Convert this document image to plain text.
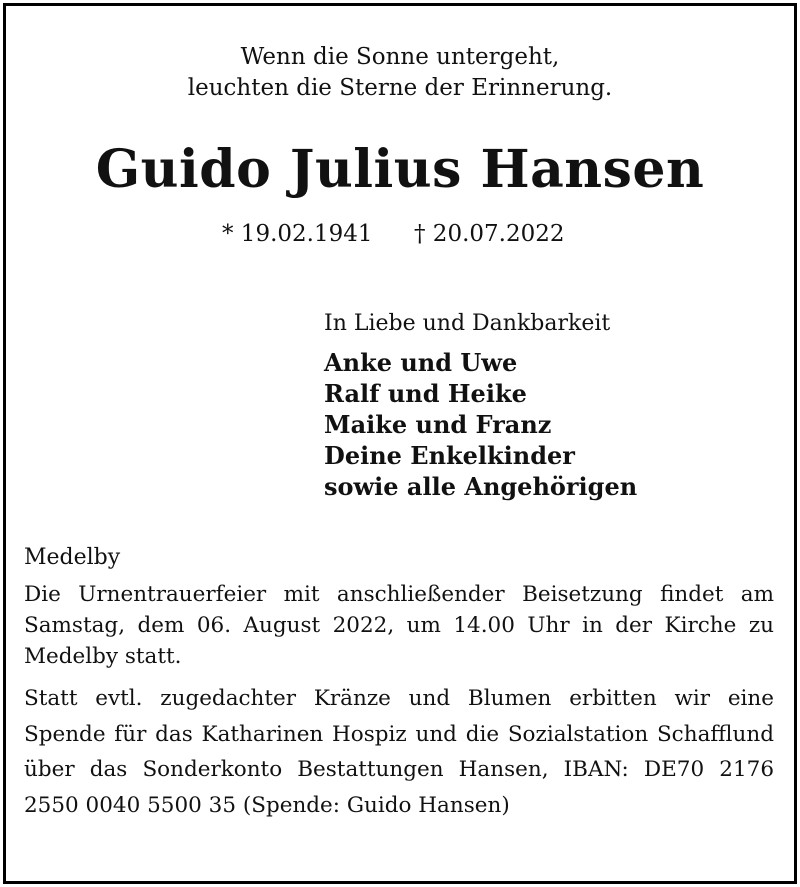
Wenn die Sonne untergeht,
leuchten die Sterne der Erinnerung.
Guido Julius Hansen
* 19.02.1941 † 20.07.2022
In Liebe und Dankbarkeit
Anke und Uwe
Ralf und Heike
Maike und Franz
Deine Enkelkinder
sowie alle Angehörigen
Medelby

Die Urnentrauerfeier mit anschließender Beisetzung findet am Samstag, dem 06. August 2022, um 14.00 Uhr in der Kirche zu Medelby statt.

Statt evtl. zugedachter Kränze und Blumen erbitten wir eine Spende für das Katharinen Hospiz und die Sozialstation Schafflund über das Sonderkonto Bestattungen Hansen, IBAN: DE70 2176 2550 0040 5500 35 (Spende: Guido Hansen)
